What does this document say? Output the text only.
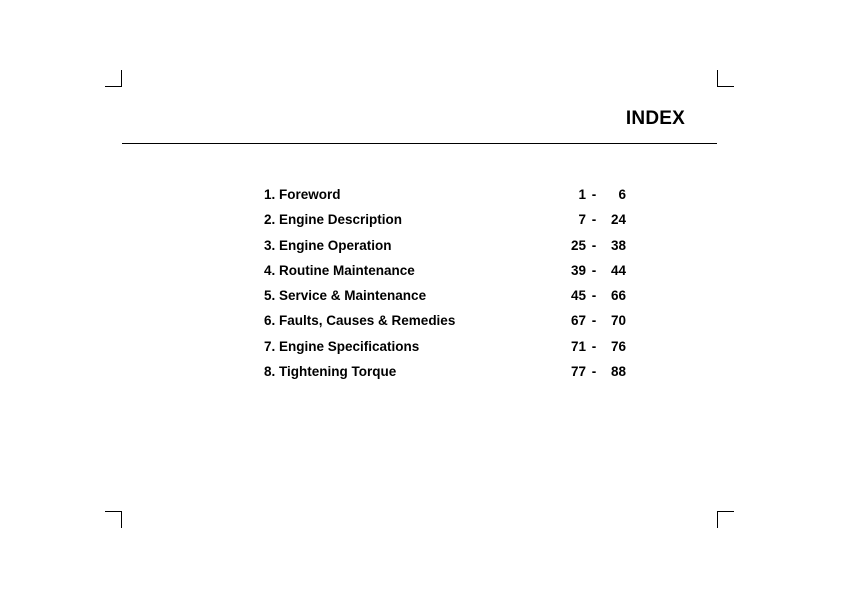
INDEX
1. Foreword	1 - 6
2. Engine Description	7 - 24
3. Engine Operation	25 - 38
4. Routine Maintenance	39 - 44
5. Service & Maintenance	45 - 66
6. Faults, Causes & Remedies	67 - 70
7. Engine Specifications	71 - 76
8. Tightening Torque	77 - 88
